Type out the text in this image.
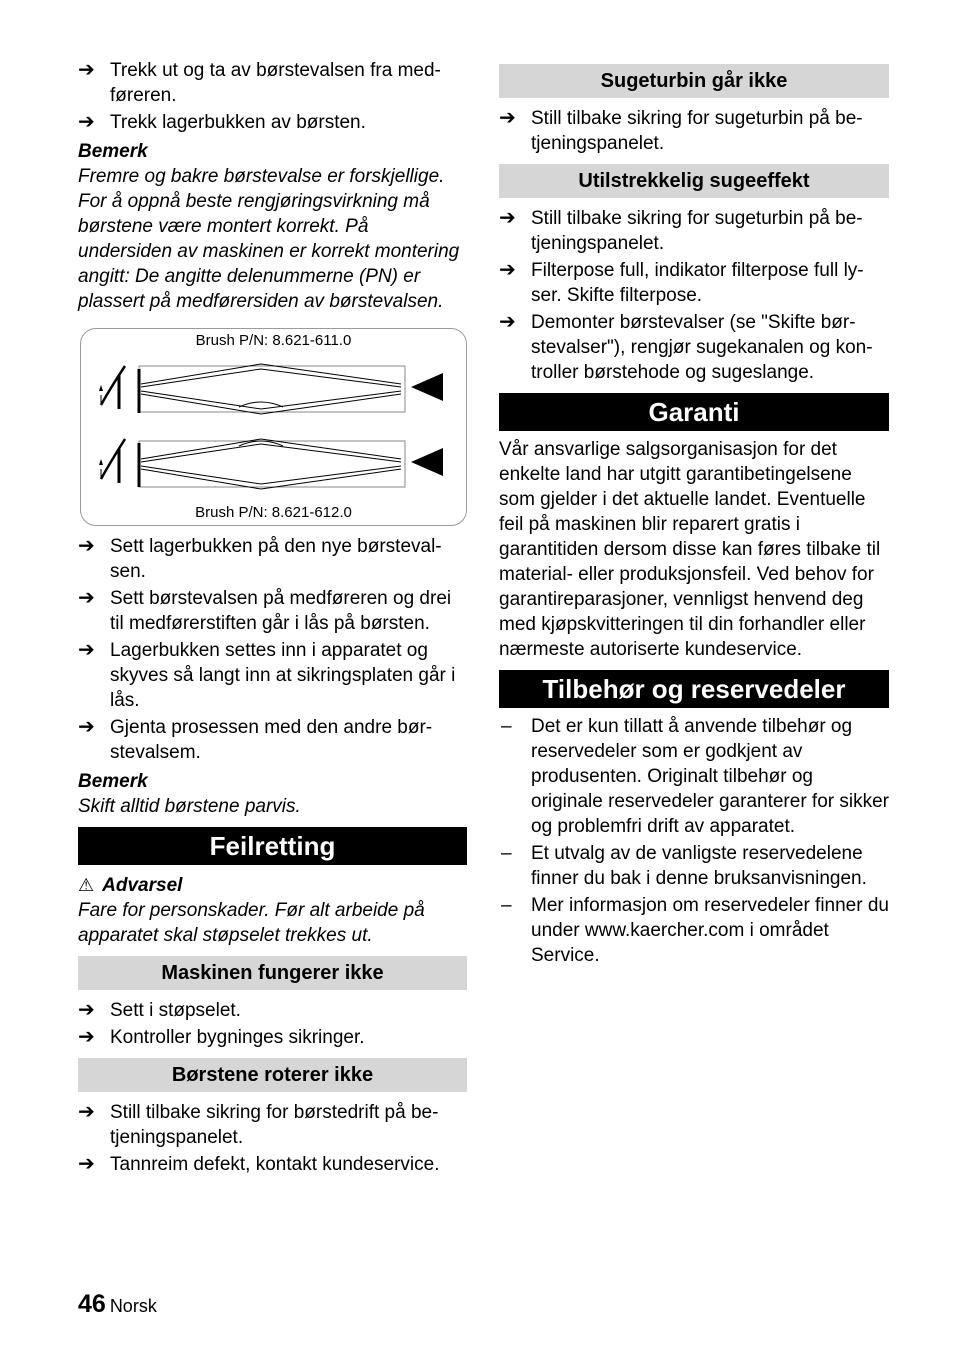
➔ Trekk ut og ta av børstevalsen fra med-føreren.
➔ Trekk lagerbukken av børsten.
Bemerk

Fremre og bakre børstevalse er forskjellige. For å oppnå beste rengjøringsvirkning må børstene være montert korrekt. På undersiden av maskinen er korrekt montering angitt: De angitte delenummerne (PN) er plassert på medførersiden av børstevalsen.

Brush P/N: 8.621-611.0
Brush P/N: 8.621-612.0
➔ Sett lagerbukken på den nye børsteval-sen.
➔ Sett børstevalsen på medføreren og drei til medførerstiften går i lås på børsten.
➔ Lagerbukken settes inn i apparatet og skyves så langt inn at sikringsplaten går i lås.
➔ Gjenta prosessen med den andre bør-stevalsem.
Bemerk

Skift alltid børstene parvis.

Feilretting
⚠ Advarsel

Fare for personskader. Før alt arbeide på apparatet skal støpselet trekkes ut.

Maskinen fungerer ikke
➔ Sett i støpselet.
➔ Kontroller bygninges sikringer.
Børstene roterer ikke
➔ Still tilbake sikring for børstedrift på be-tjeningspanelet.
➔ Tannreim defekt, kontakt kundeservice.
Sugeturbin går ikke
➔ Still tilbake sikring for sugeturbin på be-tjeningspanelet.
Utilstrekkelig sugeeffekt
➔ Still tilbake sikring for sugeturbin på be-tjeningspanelet.
➔ Filterpose full, indikator filterpose full ly-ser. Skifte filterpose.
➔ Demonter børstevalser (se "Skifte bør-stevalser"), rengjør sugekanalen og kon-troller børstehode og sugeslange.
Garanti

Vår ansvarlige salgsorganisasjon for det enkelte land har utgitt garantibetingelsene som gjelder i det aktuelle landet. Eventuelle feil på maskinen blir reparert gratis i garantitiden dersom disse kan føres tilbake til material- eller produksjonsfeil. Ved behov for garantireparasjoner, vennligst henvend deg med kjøpskvitteringen til din forhandler eller nærmeste autoriserte kundeservice.

Tilbehør og reservedeler
– Det er kun tillatt å anvende tilbehør og reservedeler som er godkjent av produsenten. Originalt tilbehør og originale reservedeler garanterer for sikker og problemfri drift av apparatet.
– Et utvalg av de vanligste reservedelene finner du bak i denne bruksanvisningen.
– Mer informasjon om reservedeler finner du under www.kaercher.com i området Service.
46 Norsk
